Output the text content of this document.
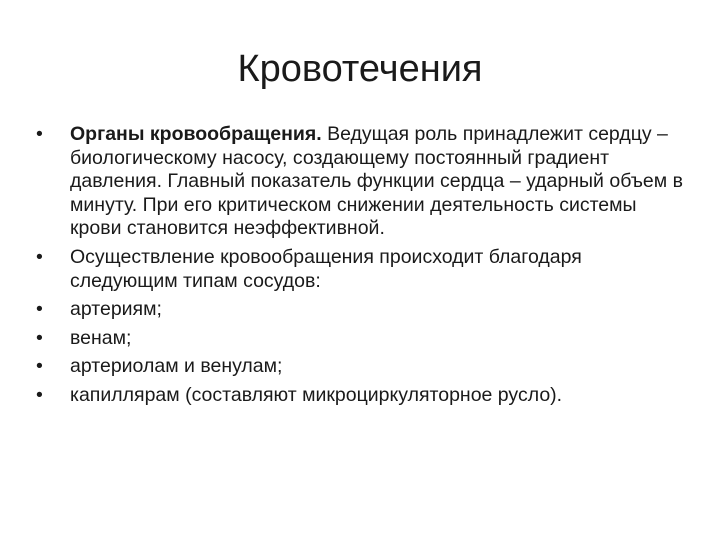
Кровотечения
•	Органы кровообращения. Ведущая роль принадлежит сердцу – биологическому насосу, создающему постоянный градиент давления. Главный показатель функции сердца – ударный объем в минуту. При его критическом снижении деятельность системы крови становится неэффективной.
•	Осуществление кровообращения происходит благодаря следующим типам сосудов:
•	артериям;
•	венам;
•	артериолам и венулам;
•	капиллярам (составляют микроциркуляторное русло).
